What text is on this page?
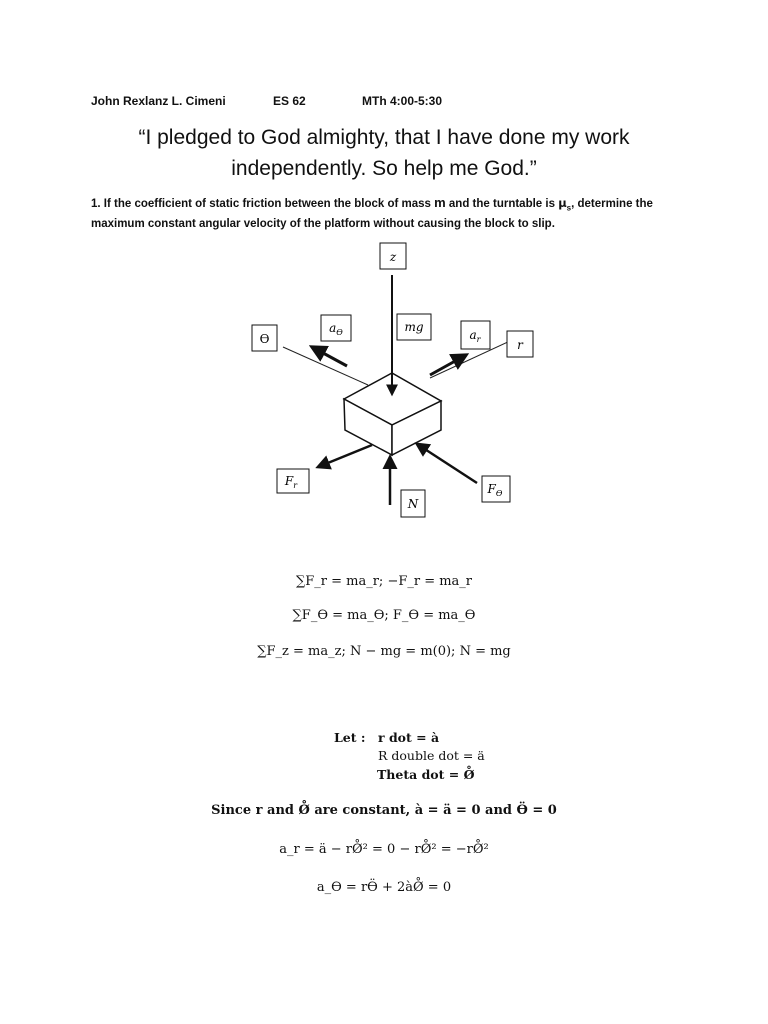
John Rexlanz L. Cimeni	ES 62	MTh 4:00-5:30
“I pledged to God almighty, that I have done my work
independently. So help me God.”
1. If the coefficient of static friction between the block of mass m and the turntable is $\mu_s$, determine the maximum constant angular velocity of the platform without causing the block to slip.
z
ϴ
$a_ϴ$	mg
$a_r$	r
$F_r$	$F_ϴ$
N
∑F_r = ma_r; −F_r = ma_r
∑F_ϴ = ma_ϴ; F_ϴ = ma_ϴ
∑F_z = ma_z; N − mg = m(0); N = mg
Let : r dot = à
R double dot = ä
Theta dot = Ø̊
Since r and Ø̊ are constant, à = ä = 0 and Ӫ = 0
a_r = ä − rØ̊² = 0 − rØ̊² = −rØ̊²
a_ϴ = rӪ + 2àØ̊ = 0
